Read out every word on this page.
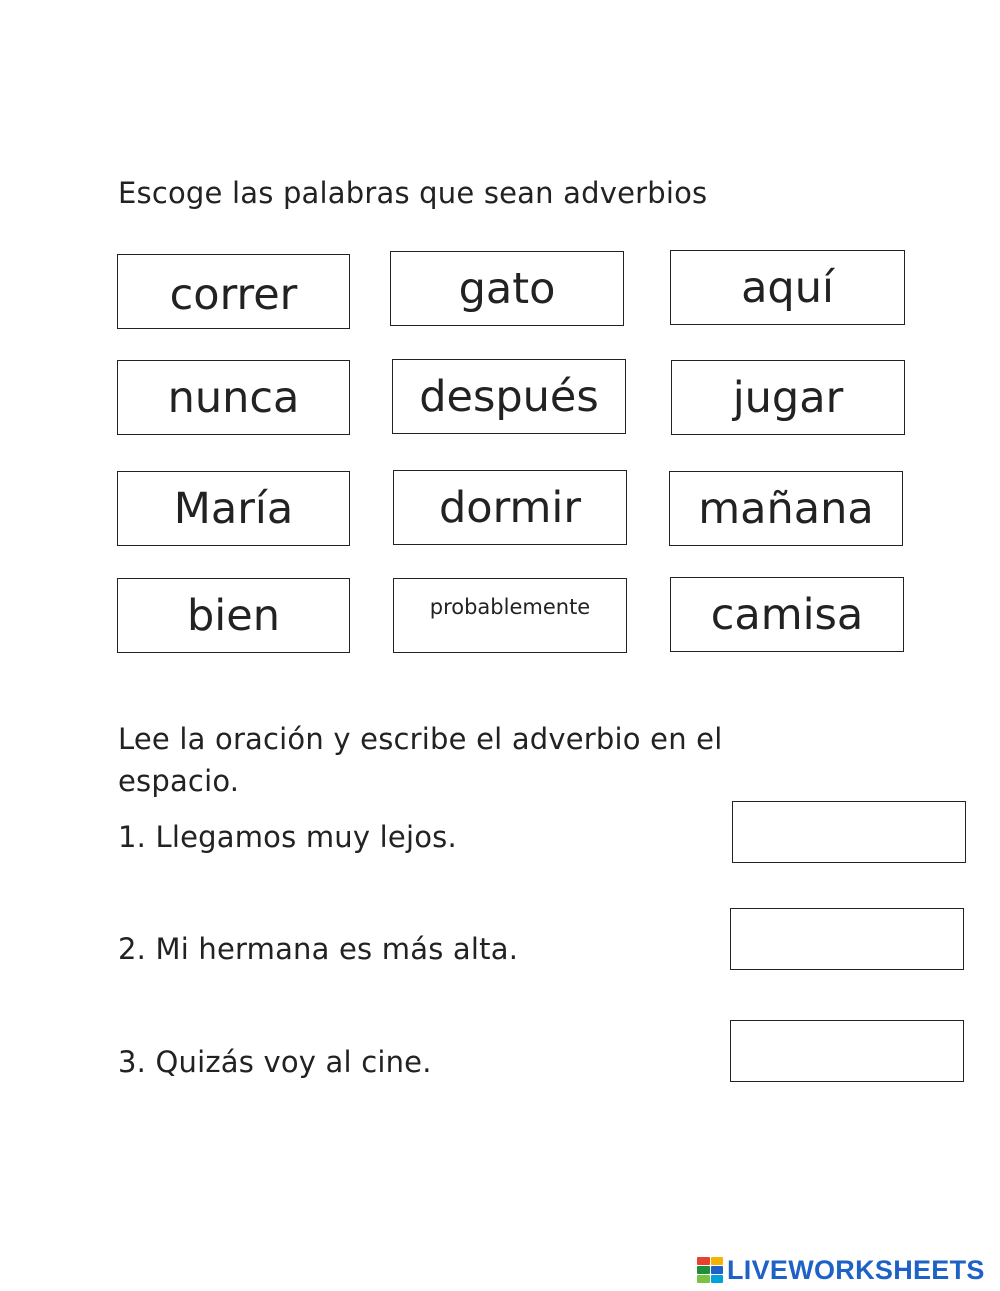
Escoge las palabras que sean adverbios
correr	gato	aquí
nunca	después	jugar
María	dormir	mañana
bien	probablemente	camisa
Lee la oración y escribe el adverbio en el
espacio.
1. Llegamos muy lejos.
2. Mi hermana es más alta.
3. Quizás voy al cine.
LIVEWORKSHEETS
